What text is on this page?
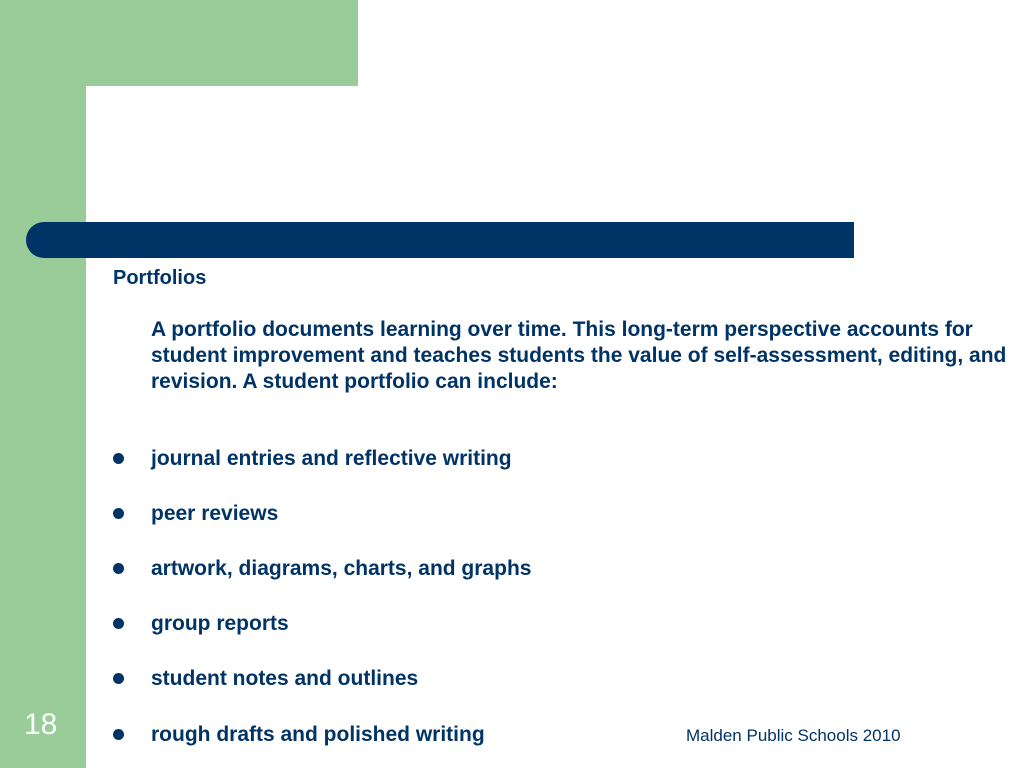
Portfolios

A portfolio documents learning over time. This long-term perspective accounts for student improvement and teaches students the value of self-assessment, editing, and revision. A student portfolio can include:

journal entries and reflective writing
peer reviews
artwork, diagrams, charts, and graphs
group reports
student notes and outlines
rough drafts and polished writing
18	Malden Public Schools 2010
